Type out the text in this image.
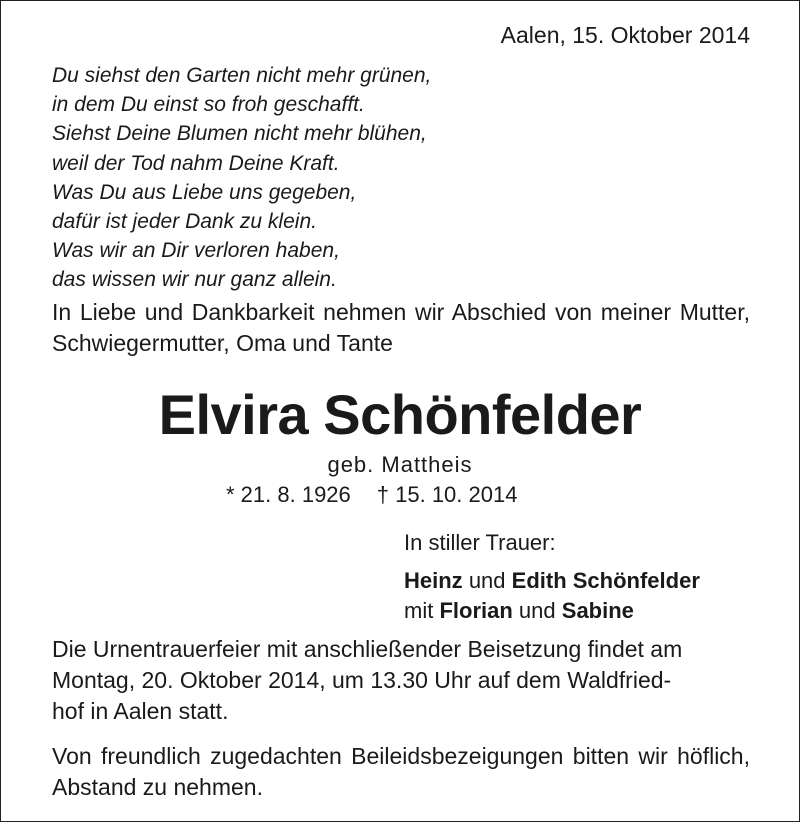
Aalen, 15. Oktober 2014
Du siehst den Garten nicht mehr grünen,
in dem Du einst so froh geschafft.
Siehst Deine Blumen nicht mehr blühen,
weil der Tod nahm Deine Kraft.
Was Du aus Liebe uns gegeben,
dafür ist jeder Dank zu klein.
Was wir an Dir verloren haben,
das wissen wir nur ganz allein.
In Liebe und Dankbarkeit nehmen wir Abschied von meiner Mutter, Schwiegermutter, Oma und Tante
Elvira Schönfelder
geb. Mattheis
* 21. 8. 1926 † 15. 10. 2014
In stiller Trauer:
Heinz und Edith Schönfelder
mit Florian und Sabine
Die Urnentrauerfeier mit anschließender Beisetzung findet am
Montag, 20. Oktober 2014, um 13.30 Uhr auf dem Waldfried-
hof in Aalen statt.
Von freundlich zugedachten Beileidsbezeigungen bitten wir höflich, Abstand zu nehmen.
